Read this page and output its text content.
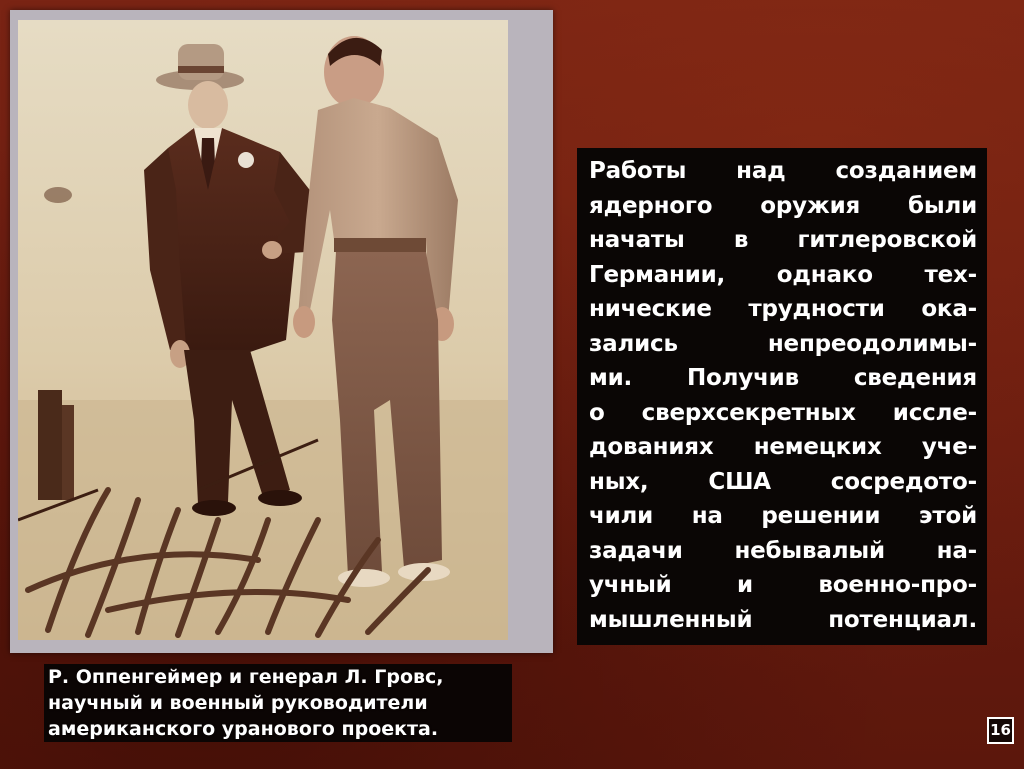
Р. Оппенгеймер и генерал Л. Гровс,
научный и военный руководители
американского уранового проекта.

Работы над созданием
ядерного оружия были
начаты в гитлеровской
Германии, однако тех-
нические трудности ока-
зались непреодолимы-
ми. Получив сведения
о сверхсекретных иссле-
дованиях немецких уче-
ных, США сосредото-
чили на решении этой
задачи небывалый на-
учный и военно-про-
мышленный потенциал.
16
